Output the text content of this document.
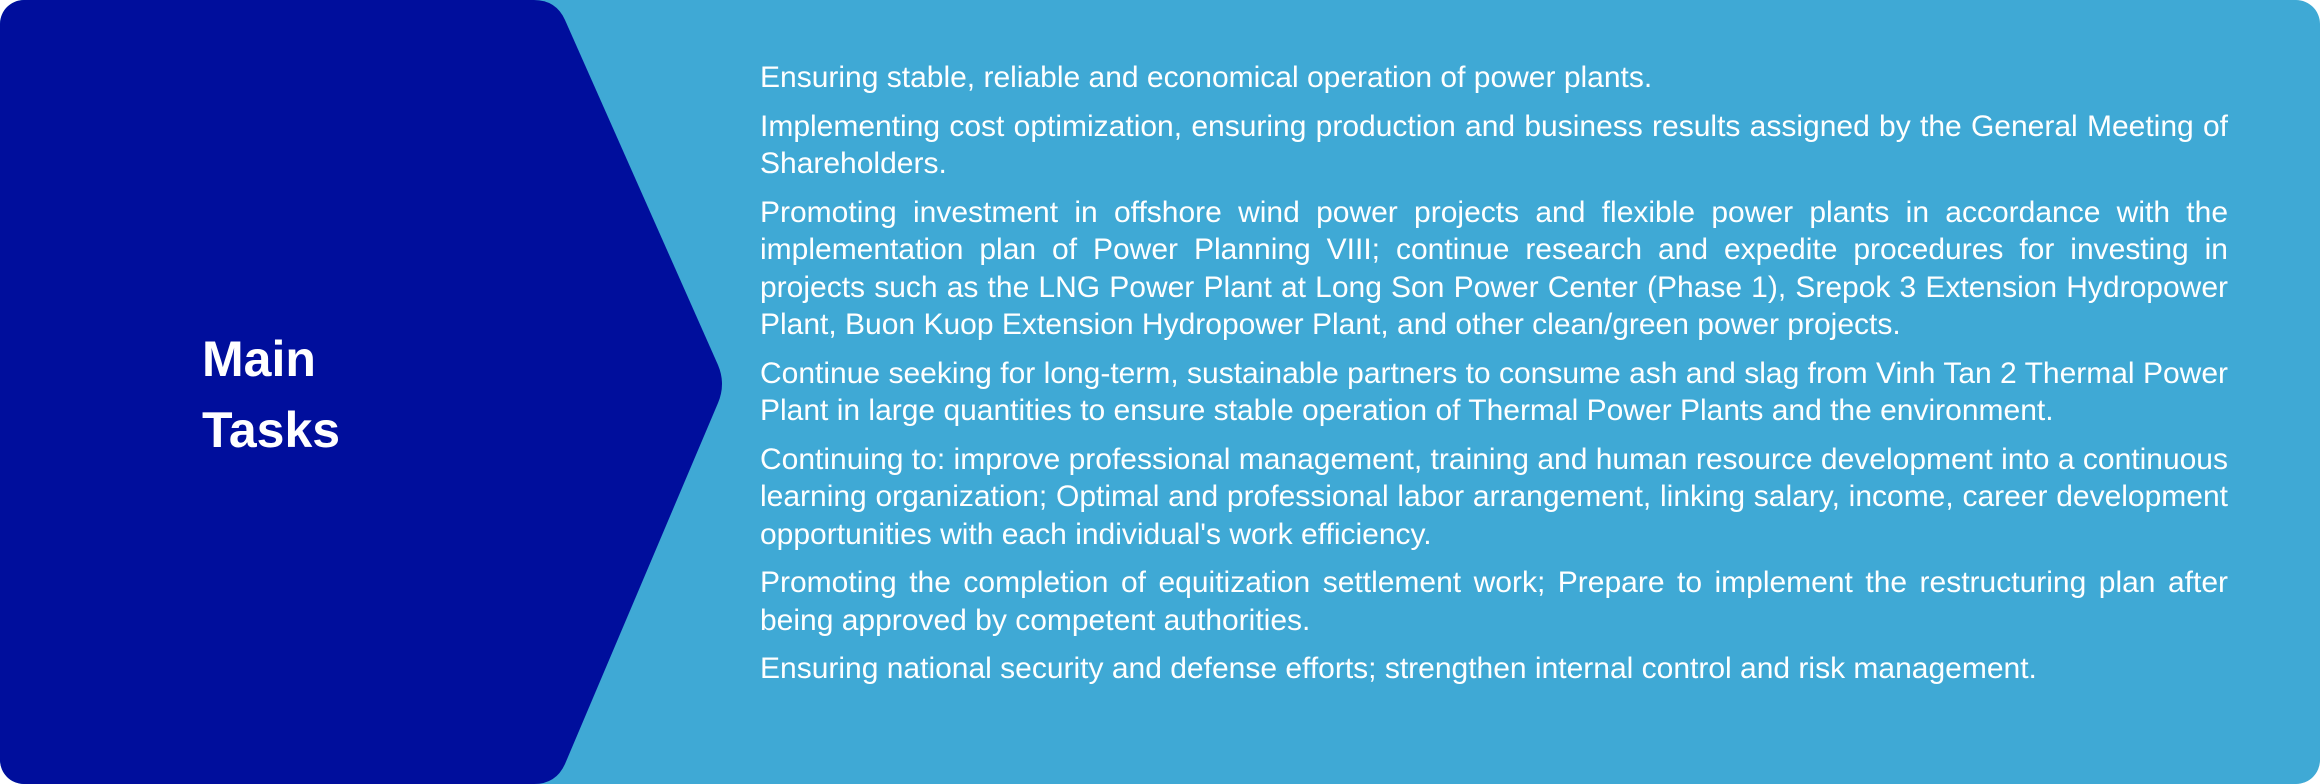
Main
Tasks
Ensuring stable, reliable and economical operation of power plants.
Implementing cost optimization, ensuring production and business results assigned by the General Meeting of Shareholders.
Promoting investment in offshore wind power projects and flexible power plants in accordance with the implementation plan of Power Planning VIII; continue research and expedite procedures for investing in projects such as the LNG Power Plant at Long Son Power Center (Phase 1), Srepok 3 Extension Hydropower Plant, Buon Kuop Extension Hydropower Plant, and other clean/green power projects.
Continue seeking for long-term, sustainable partners to consume ash and slag from Vinh Tan 2 Thermal Power Plant in large quantities to ensure stable operation of Thermal Power Plants and the environment.
Continuing to: improve professional management, training and human resource development into a continuous learning organization; Optimal and professional labor arrangement, linking salary, income, career development opportunities with each individual's work efficiency.
Promoting the completion of equitization settlement work; Prepare to implement the restructuring plan after being approved by competent authorities.
Ensuring national security and defense efforts; strengthen internal control and risk management.
